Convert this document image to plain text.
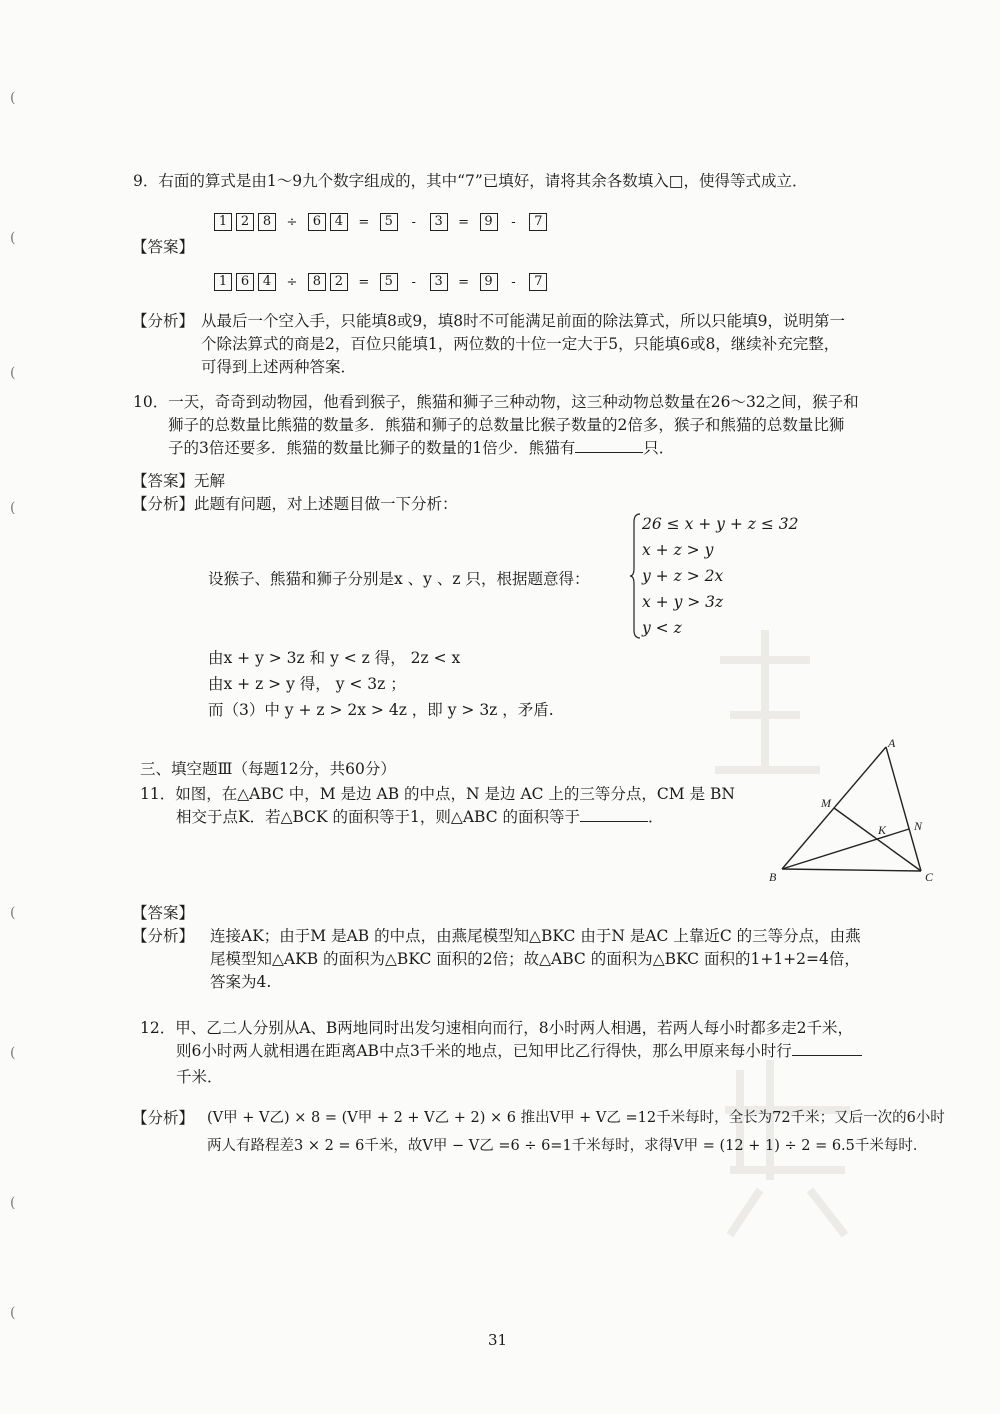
(
(
(
(
(
(
(
(
9．右面的算式是由1～9九个数字组成的，其中“7”已填好，请将其余各数填入□，使得等式成立．
1 2 8 ÷ 6 4 = 5 - 3 = 9 - 7
【答案】
1 6 4 ÷ 8 2 = 5 - 3 = 9 - 7
【分析】 从最后一个空入手，只能填8或9，填8时不可能满足前面的除法算式，所以只能填9，说明第一
个除法算式的商是2，百位只能填1，两位数的十位一定大于5，只能填6或8，继续补充完整，
可得到上述两种答案．
10．一天，奇奇到动物园，他看到猴子，熊猫和狮子三种动物，这三种动物总数量在26～32之间，猴子和
狮子的总数量比熊猫的数量多．熊猫和狮子的总数量比猴子数量的2倍多，猴子和熊猫的总数量比狮
子的3倍还要多．熊猫的数量比狮子的数量的1倍少．熊猫有	只．
【答案】无解
【分析】此题有问题，对上述题目做一下分析：
设猴子、熊猫和狮子分别是x 、y 、z 只，根据题意得：
26 ≤ x + y + z ≤ 32
x + z > y
y + z > 2x
x + y > 3z
y < z
由x + y > 3z 和 y < z 得， 2z < x
由x + z > y 得， y < 3z ；
而（3）中 y + z > 2x > 4z ，即 y > 3z ，矛盾.
三、填空题Ⅲ（每题12分，共60分）
11．如图，在△ABC 中，M 是边 AB 的中点，N 是边 AC 上的三等分点，CM 是 BN
相交于点K．若△BCK 的面积等于1，则△ABC 的面积等于	．
A
M
K N
B	C
【答案】
【分析】 连接AK；由于M 是AB 的中点，由燕尾模型知△BKC 由于N 是AC 上靠近C 的三等分点，由燕
尾模型知△AKB 的面积为△BKC 面积的2倍；故△ABC 的面积为△BKC 面积的1+1+2=4倍，
答案为4.
12．甲、乙二人分别从A、B两地同时出发匀速相向而行，8小时两人相遇，若两人每小时都多走2千米，
则6小时两人就相遇在距离AB中点3千米的地点，已知甲比乙行得快，那么甲原来每小时行
千米．
【分析】 (V甲 + V乙) × 8 = (V甲 + 2 + V乙 + 2) × 6 推出V甲 + V乙 =12千米每时，全长为72千米；又后一次的6小时
两人有路程差3 × 2 = 6千米，故V甲 − V乙 =6 ÷ 6=1千米每时，求得V甲 = (12 + 1) ÷ 2 = 6.5千米每时．
31
